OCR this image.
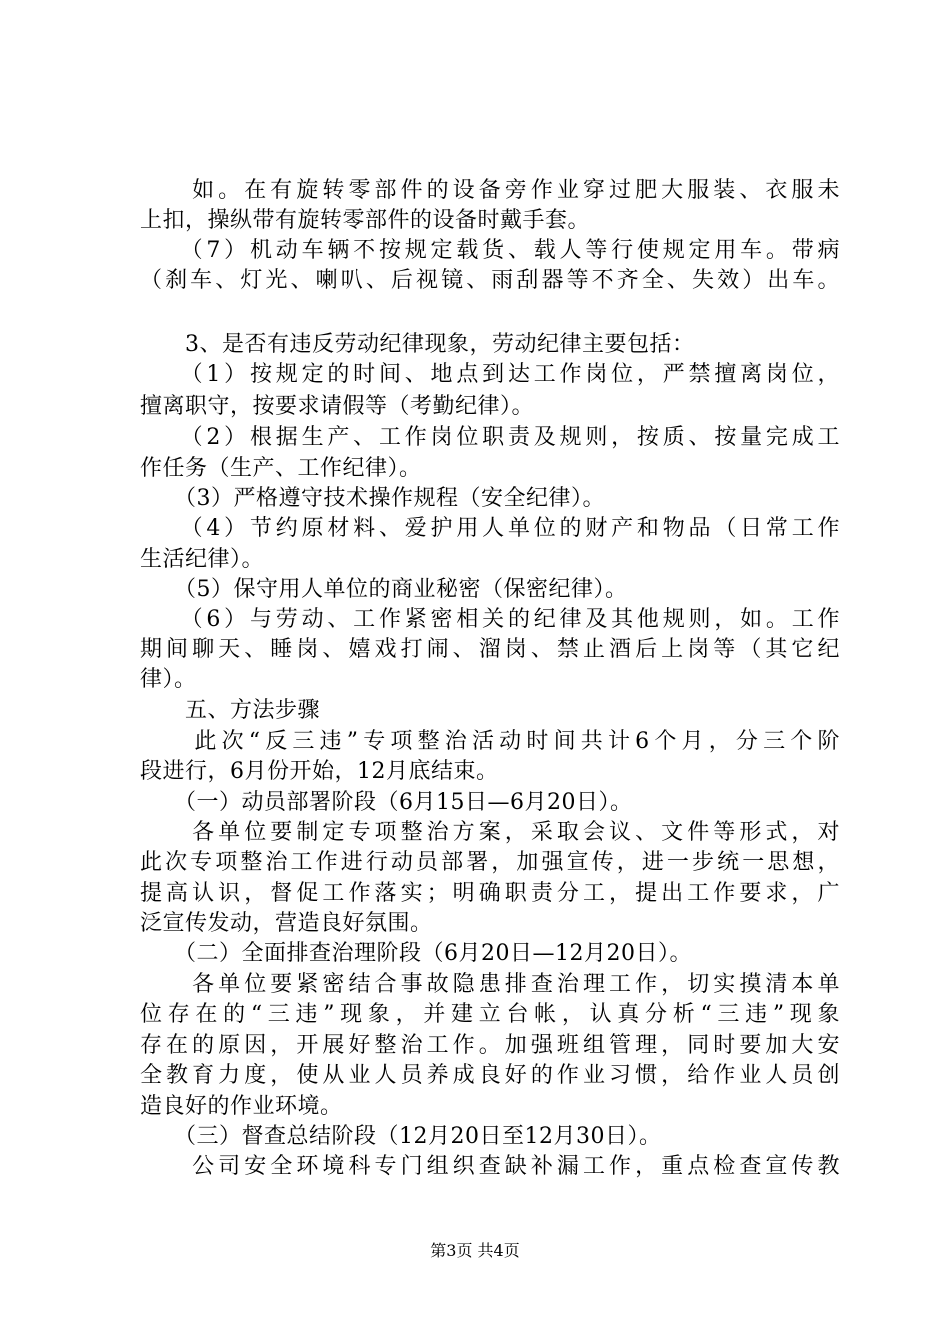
　　如。在有旋转零部件的设备旁作业穿过肥大服装、衣服未
上扣，操纵带有旋转零部件的设备时戴手套。
　　（7）机动车辆不按规定载货、载人等行使规定用车。带病
（刹车、灯光、喇叭、后视镜、雨刮器等不齐全、失效）出车。
　　3、是否有违反劳动纪律现象，劳动纪律主要包括：
　　（1）按规定的时间、地点到达工作岗位，严禁擅离岗位，
擅离职守，按要求请假等（考勤纪律）。
　　（2）根据生产、工作岗位职责及规则，按质、按量完成工
作任务（生产、工作纪律）。
　　（3）严格遵守技术操作规程（安全纪律）。
　　（4）节约原材料、爱护用人单位的财产和物品（日常工作
生活纪律）。
　　（5）保守用人单位的商业秘密（保密纪律）。
　　（6）与劳动、工作紧密相关的纪律及其他规则，如。工作
期间聊天、睡岗、嬉戏打闹、溜岗、禁止酒后上岗等（其它纪
律）。
　　五、方法步骤
　　此次“反三违”专项整治活动时间共计6个月，分三个阶
段进行，6月份开始，12月底结束。
　　（一）动员部署阶段（6月15日—6月20日）。
　　各单位要制定专项整治方案，采取会议、文件等形式，对
此次专项整治工作进行动员部署，加强宣传，进一步统一思想，
提高认识，督促工作落实；明确职责分工，提出工作要求，广
泛宣传发动，营造良好氛围。
　　（二）全面排查治理阶段（6月20日—12月20日）。
　　各单位要紧密结合事故隐患排查治理工作，切实摸清本单
位存在的“三违”现象，并建立台帐，认真分析“三违”现象
存在的原因，开展好整治工作。加强班组管理，同时要加大安
全教育力度，使从业人员养成良好的作业习惯，给作业人员创
造良好的作业环境。
　　（三）督查总结阶段（12月20日至12月30日）。
　　公司安全环境科专门组织查缺补漏工作，重点检查宣传教
第3页 共4页
